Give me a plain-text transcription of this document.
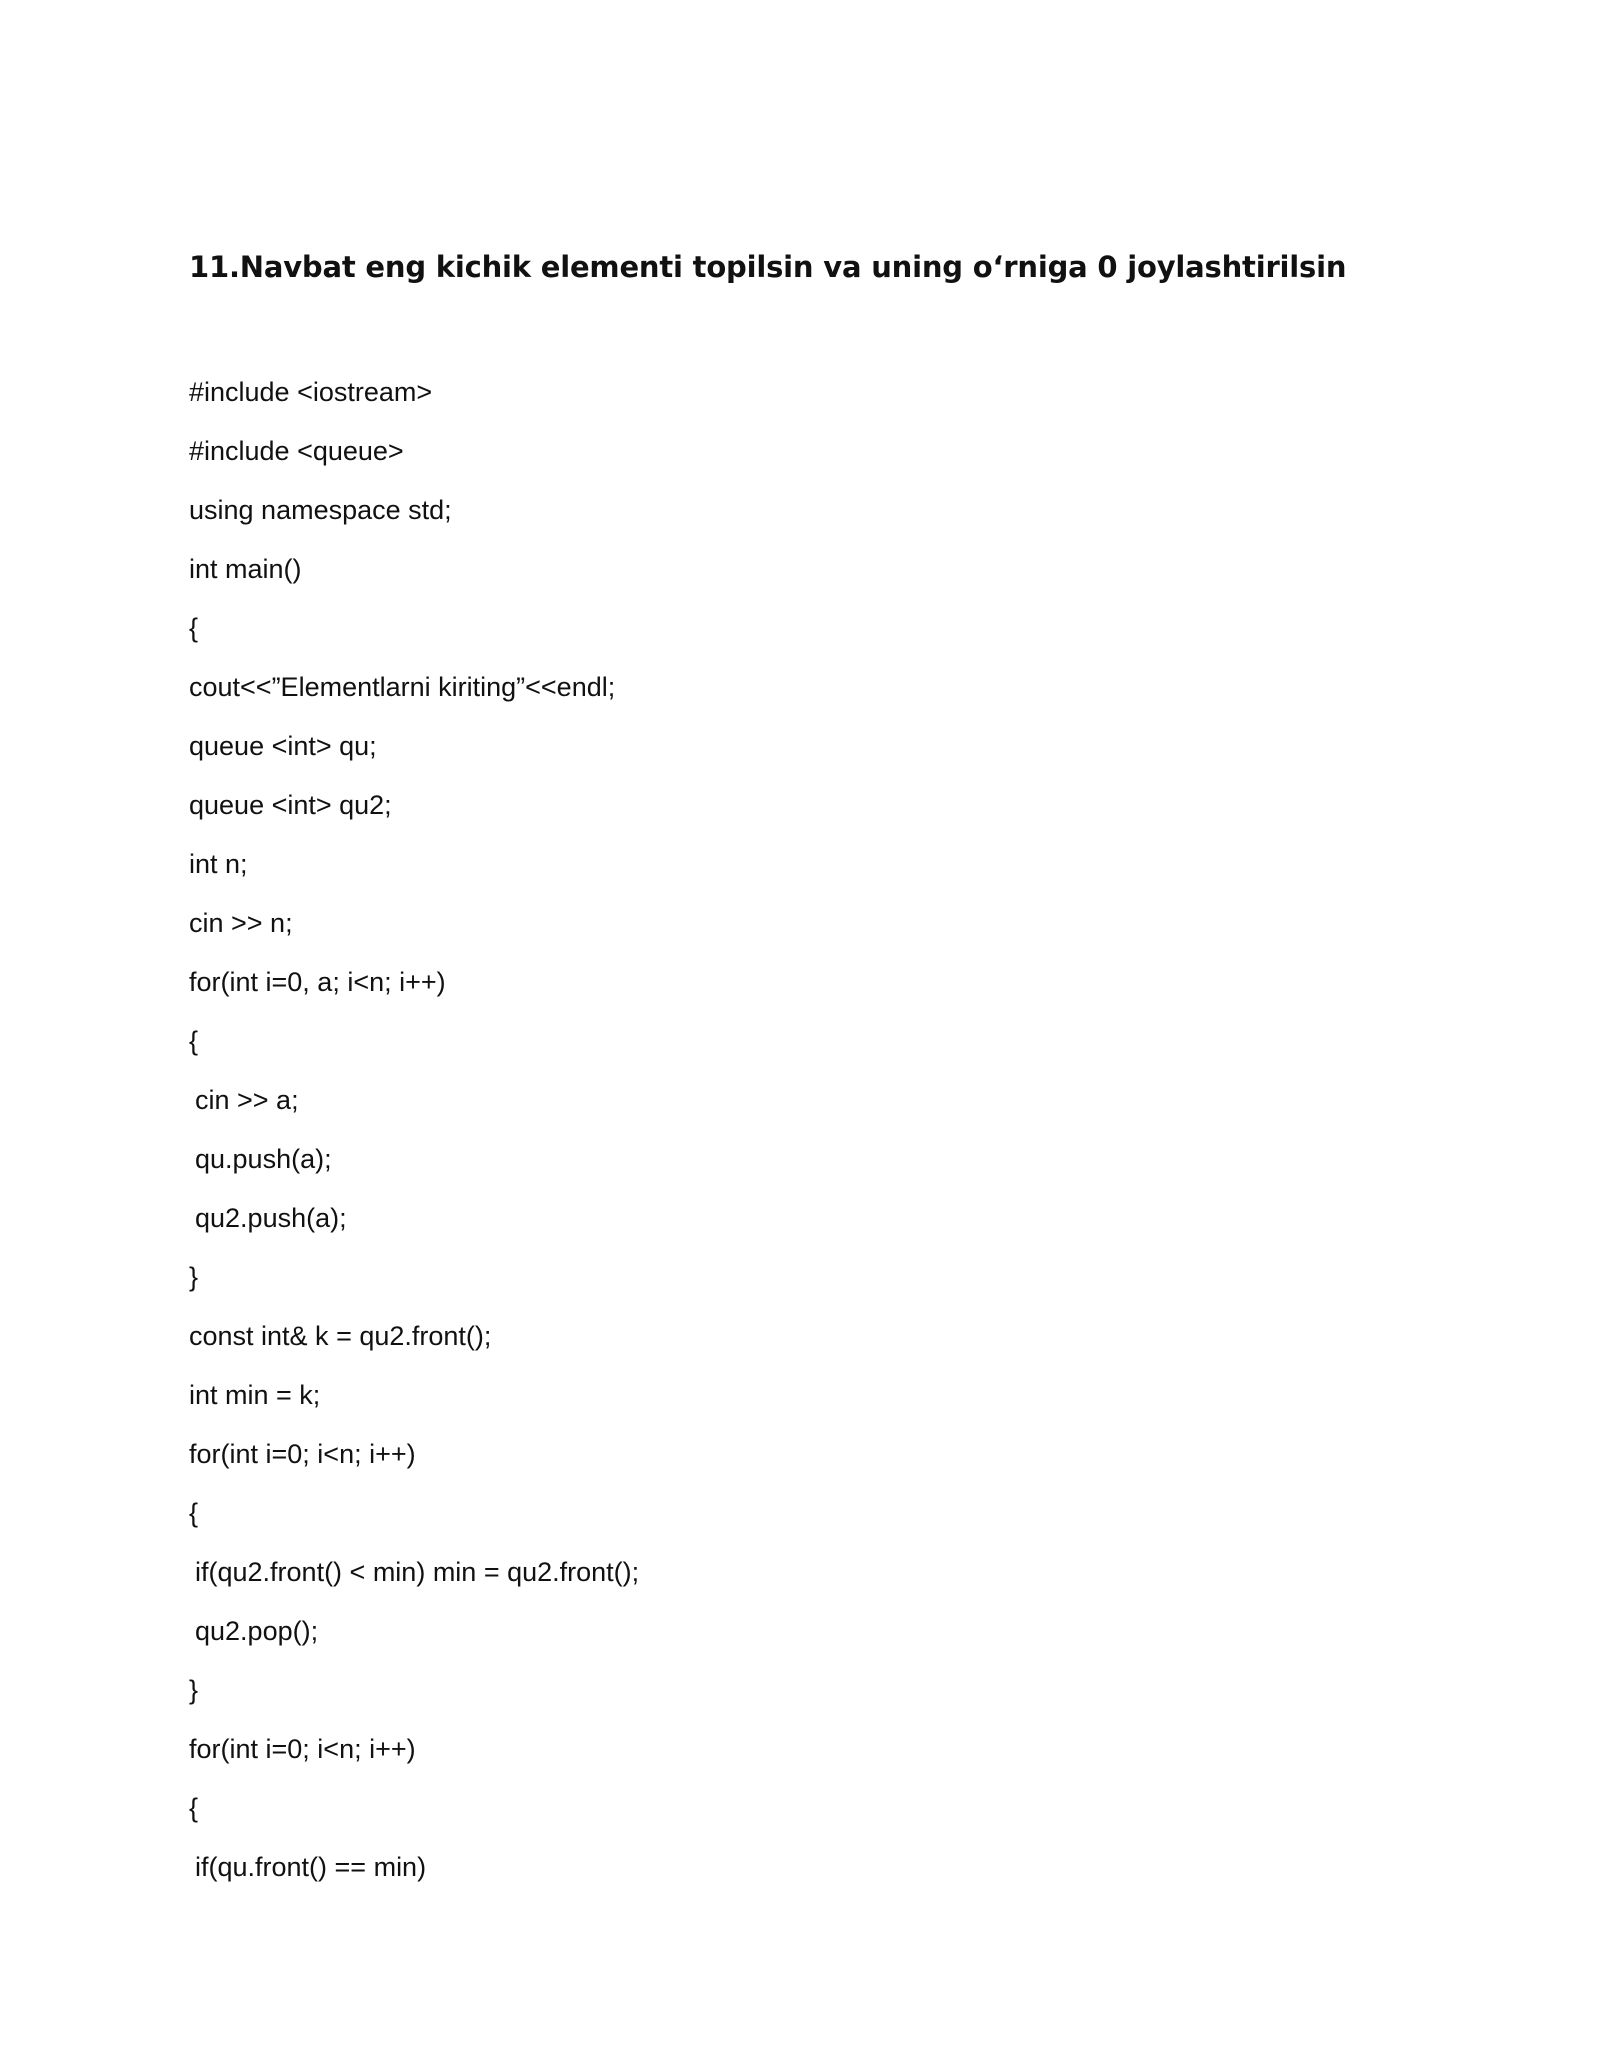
11.Navbat eng kichik elementi topilsin va uning o‘rniga 0 joylashtirilsin
#include <iostream>
#include <queue>
using namespace std;
int main()
{
cout<<”Elementlarni kiriting”<<endl;
queue <int> qu;
queue <int> qu2;
int n;
cin >> n;
for(int i=0, a; i<n; i++)
{
cin >> a;
qu.push(a);
qu2.push(a);
}
const int& k = qu2.front();
int min = k;
for(int i=0; i<n; i++)
{
if(qu2.front() < min) min = qu2.front();
qu2.pop();
}
for(int i=0; i<n; i++)
{
if(qu.front() == min)
